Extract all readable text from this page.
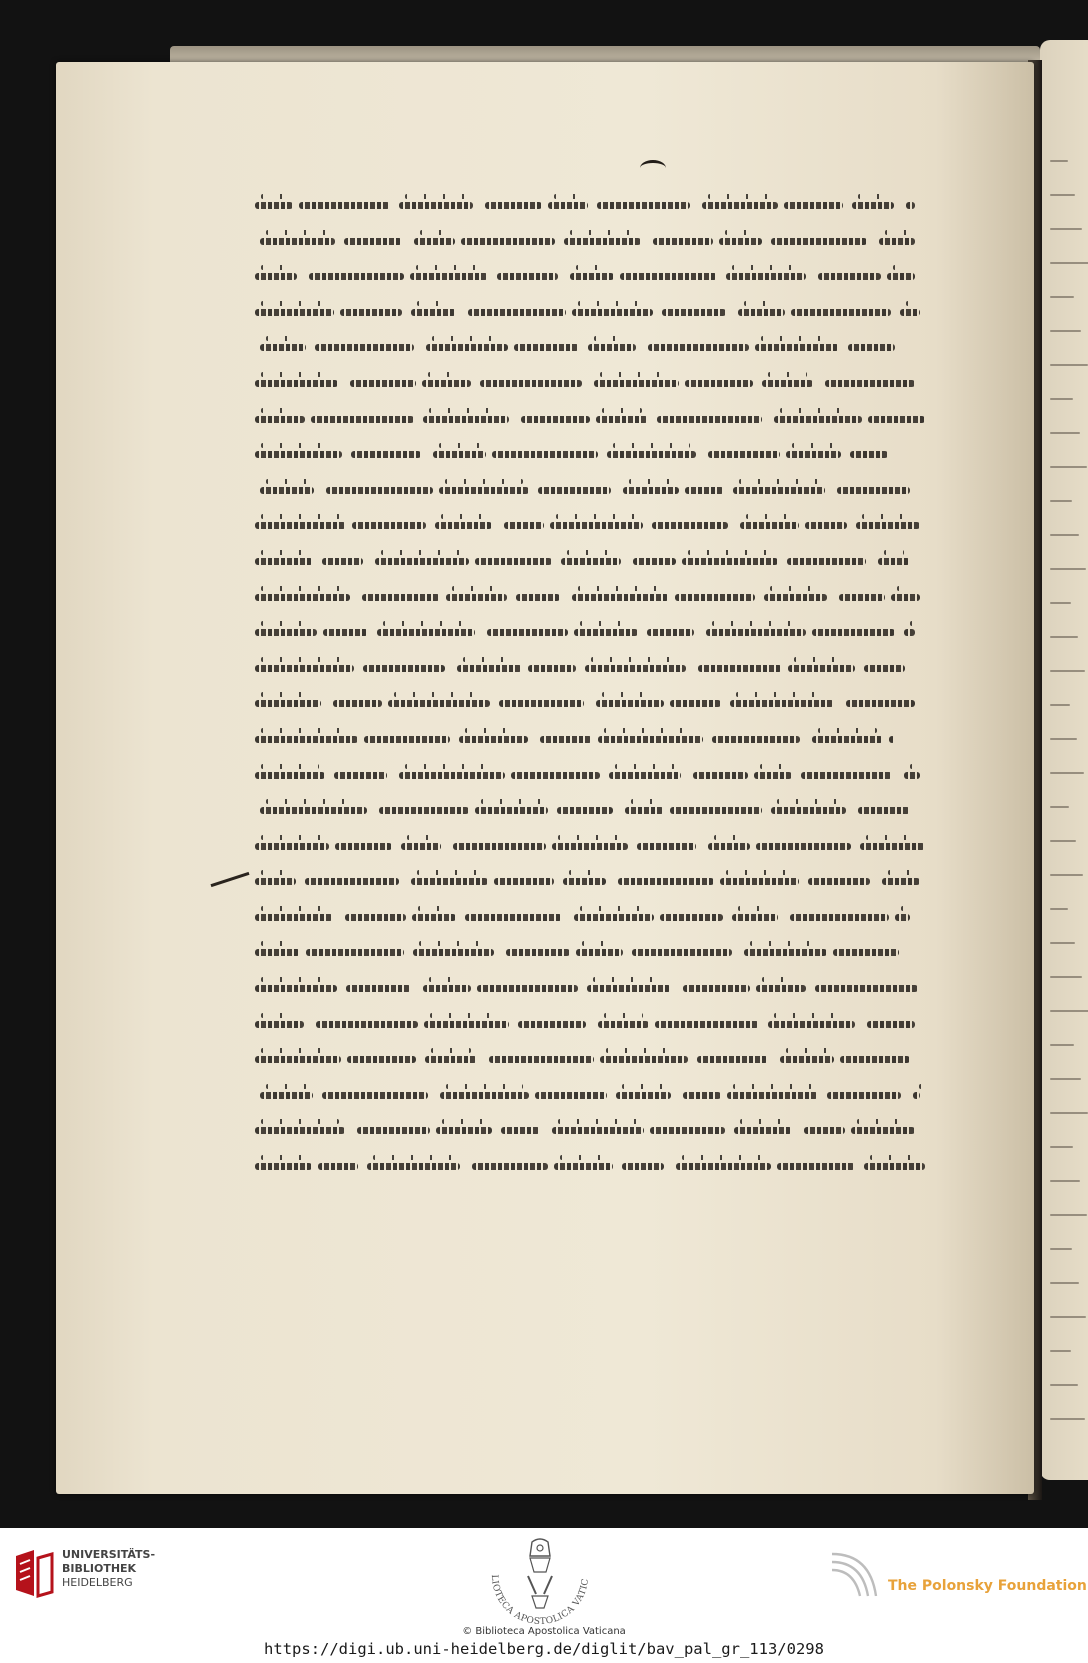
UNIVERSITÄTS-
BIBLIOTHEK
HEIDELBERG	LIOTECA APOSTOLICA VATIC
© Biblioteca Apostolica Vaticana
https://digi.ub.uni-heidelberg.de/diglit/bav_pal_gr_113/0298
The Polonsky Foundation
